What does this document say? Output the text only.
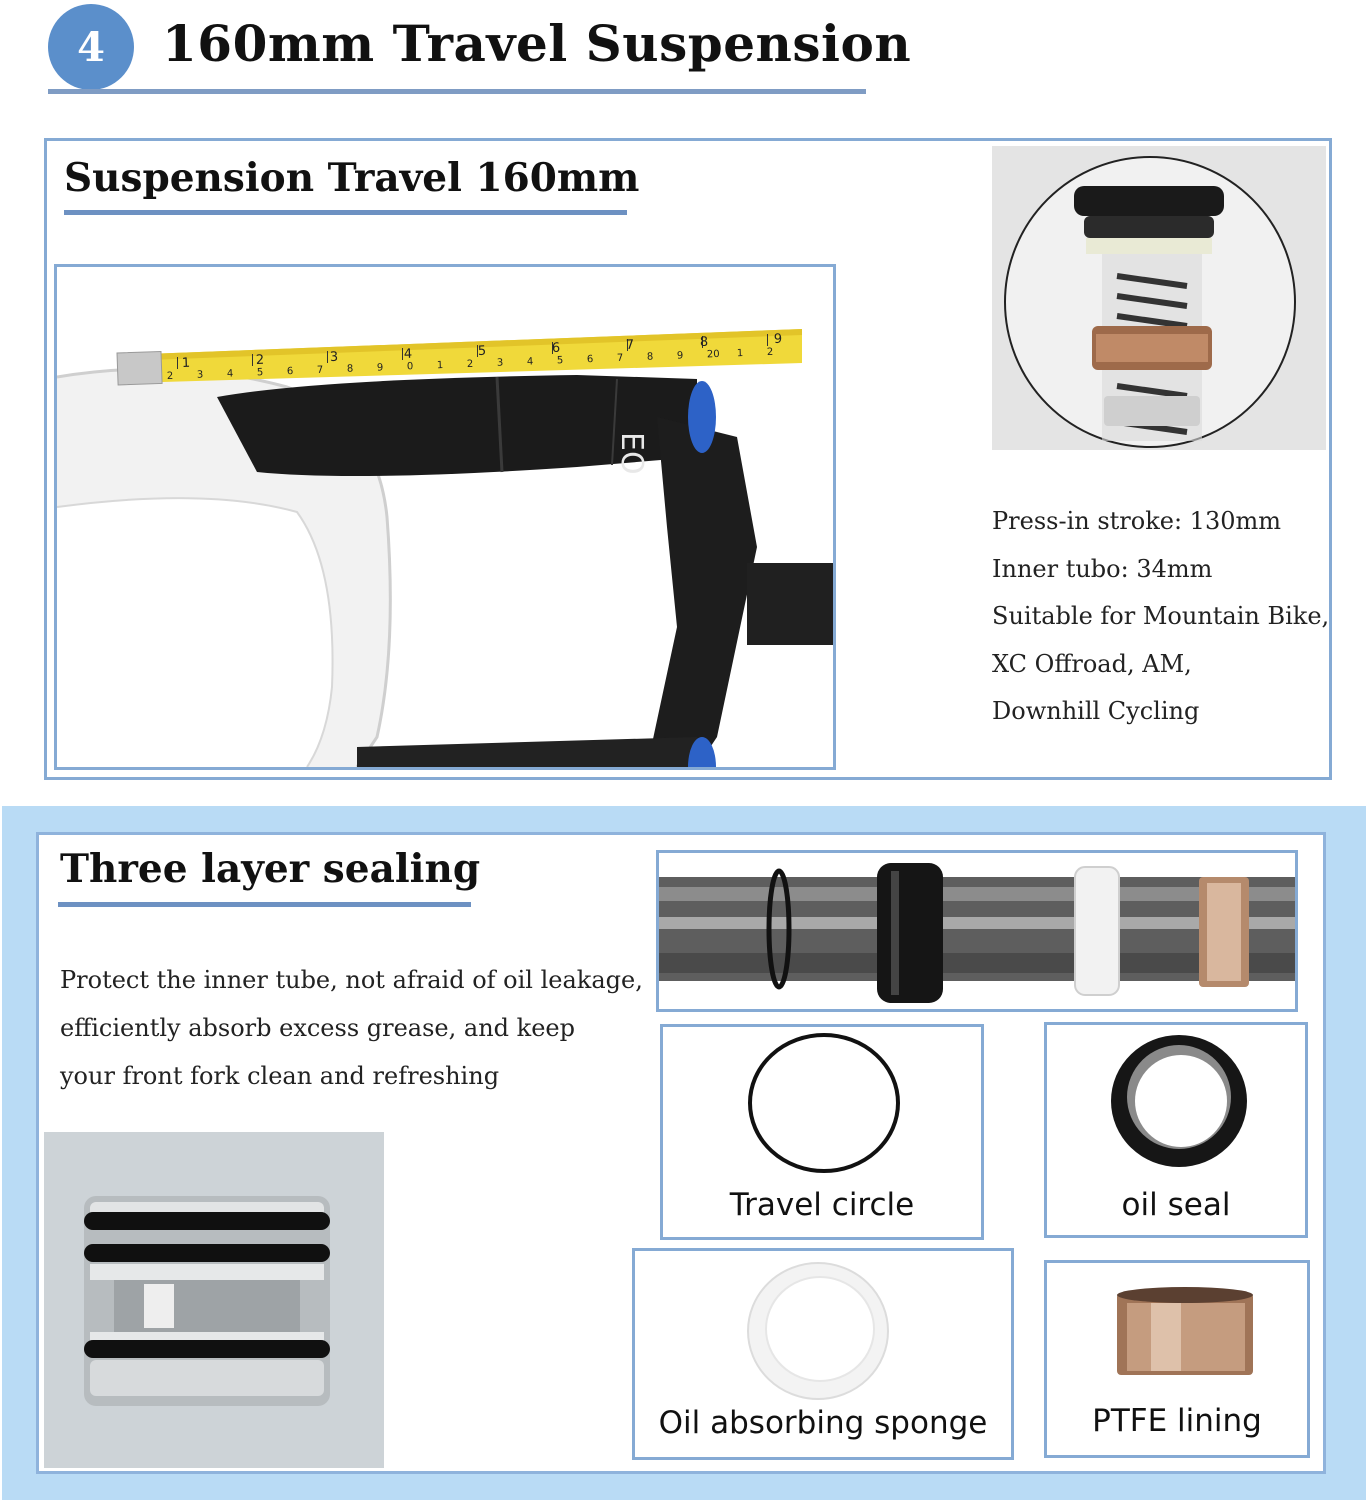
4 160mm Travel Suspension
Suspension Travel 160mm
EO
1	2	3	4	5	6	7	8	9
2 3 4 5 6 7 8 9 0 1 2 3 4 5 6 7 8 9 20 1 2
Press-in stroke: 130mm
Inner tubo: 34mm
Suitable for Mountain Bike,
XC Offroad, AM,
Downhill Cycling
Three layer sealing
Protect the inner tube, not afraid of oil leakage,
efficiently absorb excess grease, and keep
your front fork clean and refreshing
Travel circle	oil seal
Oil absorbing sponge	PTFE lining
